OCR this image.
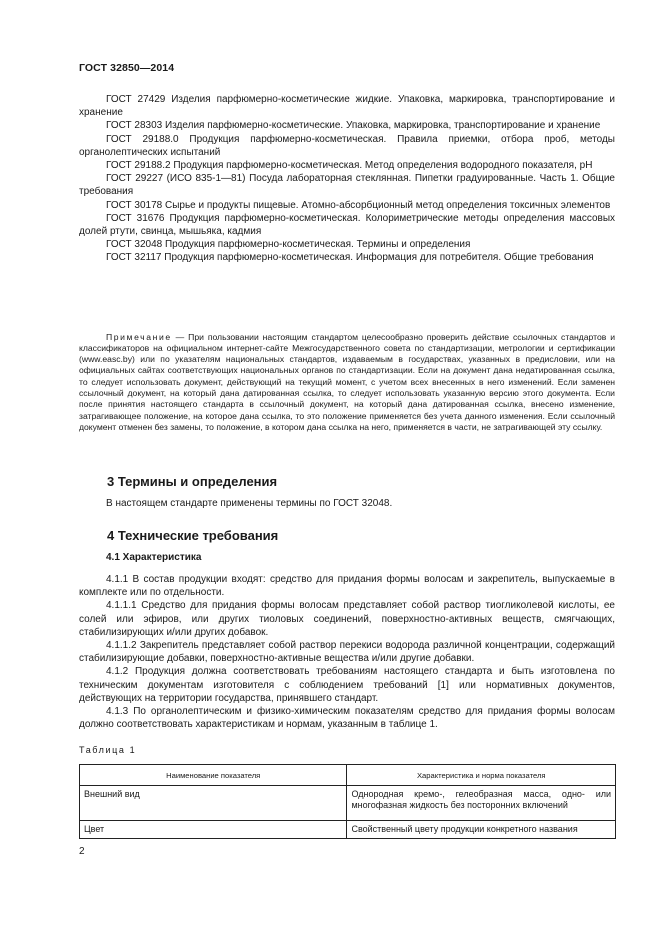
ГОСТ 32850—2014

ГОСТ 27429 Изделия парфюмерно-косметические жидкие. Упаковка, маркировка, транспортирование и хранение

ГОСТ 28303 Изделия парфюмерно-косметические. Упаковка, маркировка, транспортирование и хранение

ГОСТ 29188.0 Продукция парфюмерно-косметическая. Правила приемки, отбора проб, методы органолептических испытаний

ГОСТ 29188.2 Продукция парфюмерно-косметическая. Метод определения водородного показателя, pH

ГОСТ 29227 (ИСО 835-1—81) Посуда лабораторная стеклянная. Пипетки градуированные. Часть 1. Общие требования

ГОСТ 30178 Сырье и продукты пищевые. Атомно-абсорбционный метод определения токсичных элементов

ГОСТ 31676 Продукция парфюмерно-косметическая. Колориметрические методы определения массовых долей ртути, свинца, мышьяка, кадмия

ГОСТ 32048 Продукция парфюмерно-косметическая. Термины и определения

ГОСТ 32117 Продукция парфюмерно-косметическая. Информация для потребителя. Общие требования

Примечание — При пользовании настоящим стандартом целесообразно проверить действие ссылочных стандартов и классификаторов на официальном интернет-сайте Межгосударственного совета по стандартизации, метрологии и сертификации (www.easc.by) или по указателям национальных стандартов, издаваемым в государствах, указанных в предисловии, или на официальных сайтах соответствующих национальных органов по стандартизации. Если на документ дана недатированная ссылка, то следует использовать документ, действующий на текущий момент, с учетом всех внесенных в него изменений. Если заменен ссылочный документ, на который дана датированная ссылка, то следует использовать указанную версию этого документа. Если после принятия настоящего стандарта в ссылочный документ, на который дана датированная ссылка, внесено изменение, затрагивающее положение, на которое дана ссылка, то это положение применяется без учета данного изменения. Если ссылочный документ отменен без замены, то положение, в котором дана ссылка на него, применяется в части, не затрагивающей эту ссылку.

3 Термины и определения

В настоящем стандарте применены термины по ГОСТ 32048.

4 Технические требования
4.1 Характеристика

4.1.1 В состав продукции входят: средство для придания формы волосам и закрепитель, выпускаемые в комплекте или по отдельности.

4.1.1.1 Средство для придания формы волосам представляет собой раствор тиогликолевой кислоты, ее солей или эфиров, или других тиоловых соединений, поверхностно-активных веществ, смягчающих, стабилизирующих и/или других добавок.

4.1.1.2 Закрепитель представляет собой раствор перекиси водорода различной концентрации, содержащий стабилизирующие добавки, поверхностно-активные вещества и/или другие добавки.

4.1.2 Продукция должна соответствовать требованиям настоящего стандарта и быть изготовлена по техническим документам изготовителя с соблюдением требований [1] или нормативных документов, действующих на территории государства, принявшего стандарт.

4.1.3 По органолептическим и физико-химическим показателям средство для придания формы волосам должно соответствовать характеристикам и нормам, указанным в таблице 1.

Таблица 1
Наименование показателя	Характеристика и норма показателя
Внешний вид	Однородная кремо-, гелеобразная масса, одно- или многофазная жидкость без посторонних включений
Цвет	Свойственный цвету продукции конкретного названия
2
